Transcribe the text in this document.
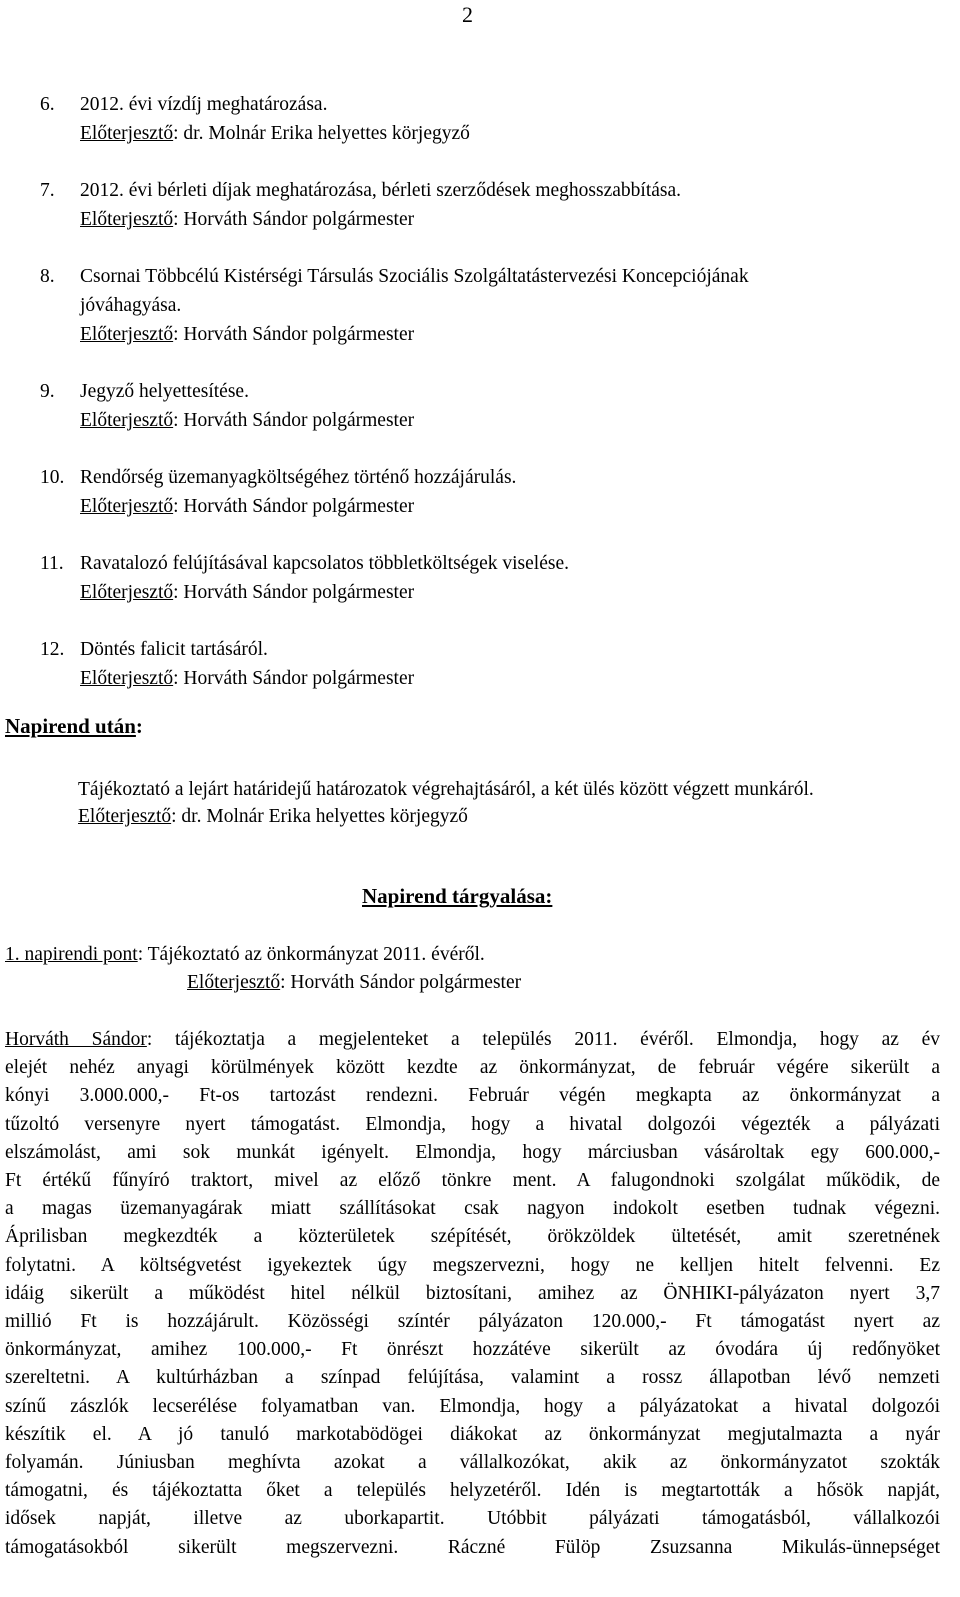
2
6. 2012. évi vízdíj meghatározása.
Előterjesztő: dr. Molnár Erika helyettes körjegyző
7. 2012. évi bérleti díjak meghatározása, bérleti szerződések meghosszabbítása.
Előterjesztő: Horváth Sándor polgármester
8. Csornai Többcélú Kistérségi Társulás Szociális Szolgáltatástervezési Koncepciójának
jóváhagyása.
Előterjesztő: Horváth Sándor polgármester
9. Jegyző helyettesítése.
Előterjesztő: Horváth Sándor polgármester
10. Rendőrség üzemanyagköltségéhez történő hozzájárulás.
Előterjesztő: Horváth Sándor polgármester
11. Ravatalozó felújításával kapcsolatos többletköltségek viselése.
Előterjesztő: Horváth Sándor polgármester
12. Döntés falicit tartásáról.
Előterjesztő: Horváth Sándor polgármester
Napirend után:

Tájékoztató a lejárt határidejű határozatok végrehajtásáról, a két ülés között végzett munkáról.

Előterjesztő: dr. Molnár Erika helyettes körjegyző

Napirend tárgyalása:
1. napirendi pont: Tájékoztató az önkormányzat 2011. évéről.
Előterjesztő: Horváth Sándor polgármester

Horváth Sándor: tájékoztatja a megjelenteket a település 2011. évéről. Elmondja, hogy az év

elejét nehéz anyagi körülmények között kezdte az önkormányzat, de február végére sikerült a

kónyi 3.000.000,- Ft-os tartozást rendezni. Február végén megkapta az önkormányzat a

tűzoltó versenyre nyert támogatást. Elmondja, hogy a hivatal dolgozói végezték a pályázati

elszámolást, ami sok munkát igényelt. Elmondja, hogy márciusban vásároltak egy 600.000,-

Ft értékű fűnyíró traktort, mivel az előző tönkre ment. A falugondnoki szolgálat működik, de

a magas üzemanyagárak miatt szállításokat csak nagyon indokolt esetben tudnak végezni.

Áprilisban megkezdték a közterületek szépítését, örökzöldek ültetését, amit szeretnének

folytatni. A költségvetést igyekeztek úgy megszervezni, hogy ne kelljen hitelt felvenni. Ez

idáig sikerült a működést hitel nélkül biztosítani, amihez az ÖNHIKI-pályázaton nyert 3,7

millió Ft is hozzájárult. Közösségi színtér pályázaton 120.000,- Ft támogatást nyert az

önkormányzat, amihez 100.000,- Ft önrészt hozzátéve sikerült az óvodára új redőnyöket

szereltetni. A kultúrházban a színpad felújítása, valamint a rossz állapotban lévő nemzeti

színű zászlók lecserélése folyamatban van. Elmondja, hogy a pályázatokat a hivatal dolgozói

készítik el. A jó tanuló markotabödögei diákokat az önkormányzat megjutalmazta a nyár

folyamán. Júniusban meghívta azokat a vállalkozókat, akik az önkormányzatot szokták

támogatni, és tájékoztatta őket a település helyzetéről. Idén is megtartották a hősök napját,

idősek napját, illetve az uborkapartit. Utóbbit pályázati támogatásból, vállalkozói

támogatásokból sikerült megszervezni. Ráczné Fülöp Zsuzsanna Mikulás-ünnepséget
